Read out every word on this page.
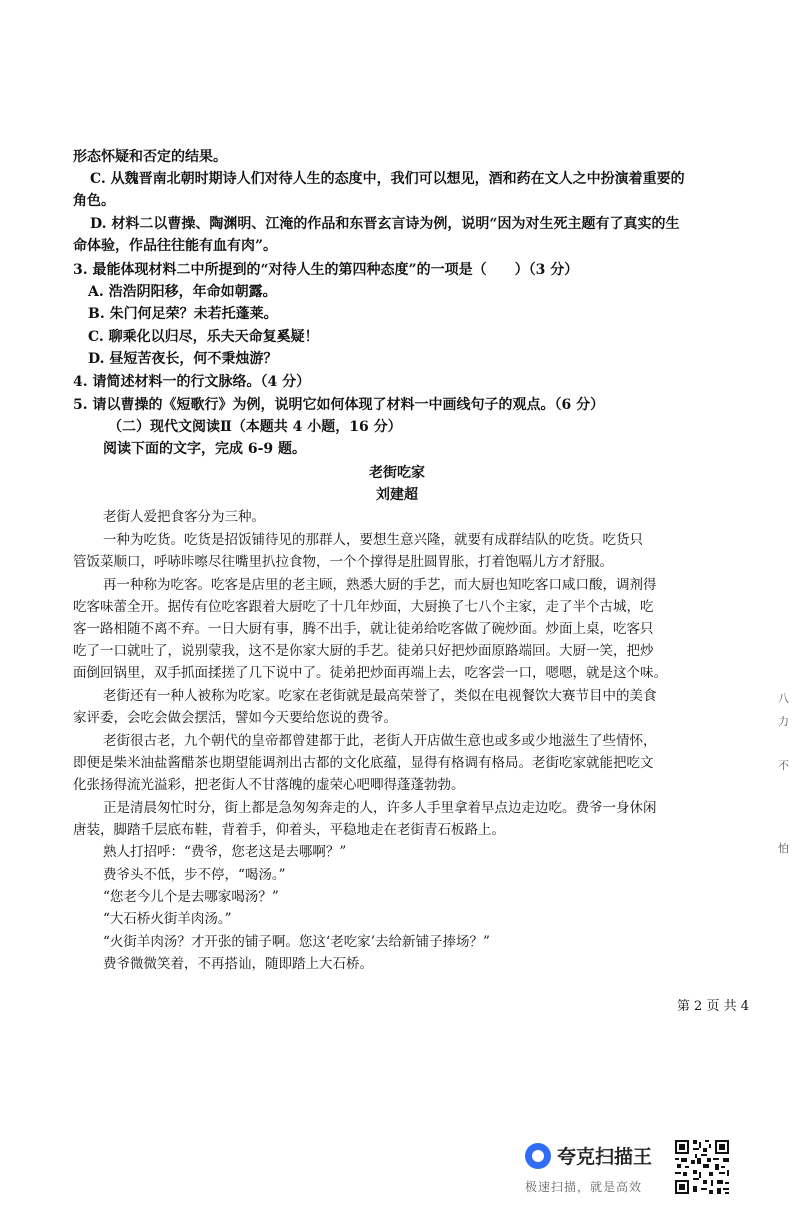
形态怀疑和否定的结果。
C. 从魏晋南北朝时期诗人们对待人生的态度中，我们可以想见，酒和药在文人之中扮演着重要的
角色。
D. 材料二以曹操、陶渊明、江淹的作品和东晋玄言诗为例，说明“因为对生死主题有了真实的生
命体验，作品往往能有血有肉”。
3. 最能体现材料二中所提到的“对待人生的第四种态度”的一项是（　　）（3 分）
A. 浩浩阴阳移，年命如朝露。
B. 朱门何足荣？未若托蓬莱。
C. 聊乘化以归尽，乐夫天命复奚疑！
D. 昼短苦夜长，何不秉烛游？
4. 请简述材料一的行文脉络。（4 分）
5. 请以曹操的《短歌行》为例，说明它如何体现了材料一中画线句子的观点。（6 分）
（二）现代文阅读Ⅱ（本题共 4 小题，16 分）
阅读下面的文字，完成 6-9 题。
老街吃家
刘建超
老街人爱把食客分为三种。
一种为吃货。吃货是招饭铺待见的那群人，要想生意兴隆，就要有成群结队的吃货。吃货只
管饭菜顺口，呼哧咔嚓尽往嘴里扒拉食物，一个个撑得是肚圆胃胀，打着饱嗝儿方才舒服。
再一种称为吃客。吃客是店里的老主顾，熟悉大厨的手艺，而大厨也知吃客口咸口酸，调剂得
吃客味蕾全开。据传有位吃客跟着大厨吃了十几年炒面，大厨换了七八个主家，走了半个古城，吃
客一路相随不离不弃。一日大厨有事，腾不出手，就让徒弟给吃客做了碗炒面。炒面上桌，吃客只
吃了一口就吐了，说别蒙我，这不是你家大厨的手艺。徒弟只好把炒面原路端回。大厨一笑，把炒
面倒回锅里，双手抓面揉搓了几下说中了。徒弟把炒面再端上去，吃客尝一口，嗯嗯，就是这个味。
老街还有一种人被称为吃家。吃家在老街就是最高荣誉了，类似在电视餐饮大赛节目中的美食
家评委，会吃会做会摆活，譬如今天要给您说的费爷。
老街很古老，九个朝代的皇帝都曾建都于此，老街人开店做生意也或多或少地滋生了些情怀，
即便是柴米油盐酱醋茶也期望能调剂出古都的文化底蕴，显得有格调有格局。老街吃家就能把吃文
化张扬得流光溢彩，把老街人不甘落魄的虚荣心吧唧得蓬蓬勃勃。
正是清晨匆忙时分，街上都是急匆匆奔走的人，许多人手里拿着早点边走边吃。费爷一身休闲
唐装，脚踏千层底布鞋，背着手，仰着头，平稳地走在老街青石板路上。
熟人打招呼：“费爷，您老这是去哪啊？”
费爷头不低，步不停，“喝汤。”
“您老今儿个是去哪家喝汤？”
“大石桥火街羊肉汤。”
“火街羊肉汤？才开张的铺子啊。您这‘老吃家’去给新铺子捧场？”
费爷微微笑着，不再搭讪，随即踏上大石桥。
八
力
不
怕
第 2 页 共 4
夸克扫描王
极速扫描，就是高效
